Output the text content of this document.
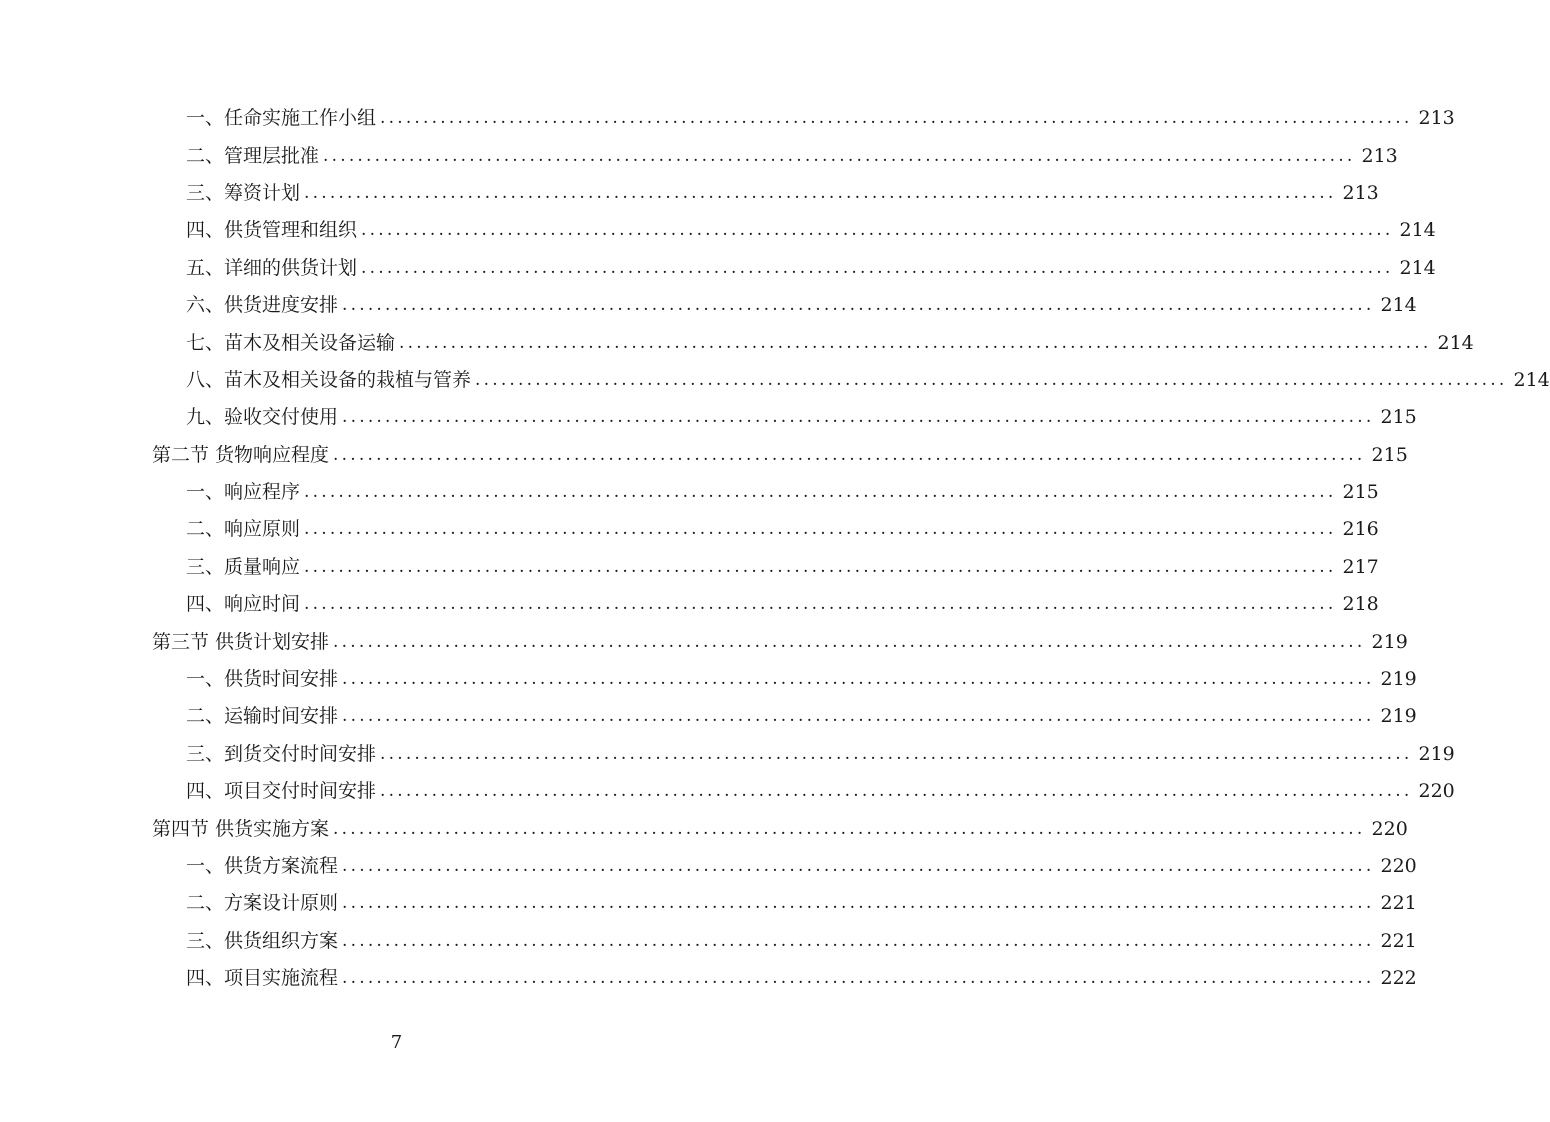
一、任命实施工作小组 ........................................................................................................................ 213
二、管理层批准 ........................................................................................................................ 213
三、筹资计划 ........................................................................................................................ 213
四、供货管理和组织 ........................................................................................................................ 214
五、详细的供货计划 ........................................................................................................................ 214
六、供货进度安排 ........................................................................................................................ 214
七、苗木及相关设备运输 ........................................................................................................................ 214
八、苗木及相关设备的栽植与管养 ........................................................................................................................ 214
九、验收交付使用 ........................................................................................................................ 215
第二节 货物响应程度 ........................................................................................................................ 215
一、响应程序 ........................................................................................................................ 215
二、响应原则 ........................................................................................................................ 216
三、质量响应 ........................................................................................................................ 217
四、响应时间 ........................................................................................................................ 218
第三节 供货计划安排 ........................................................................................................................ 219
一、供货时间安排 ........................................................................................................................ 219
二、运输时间安排 ........................................................................................................................ 219
三、到货交付时间安排 ........................................................................................................................ 219
四、项目交付时间安排 ........................................................................................................................ 220
第四节 供货实施方案 ........................................................................................................................ 220
一、供货方案流程 ........................................................................................................................ 220
二、方案设计原则 ........................................................................................................................ 221
三、供货组织方案 ........................................................................................................................ 221
四、项目实施流程 ........................................................................................................................ 222
7
